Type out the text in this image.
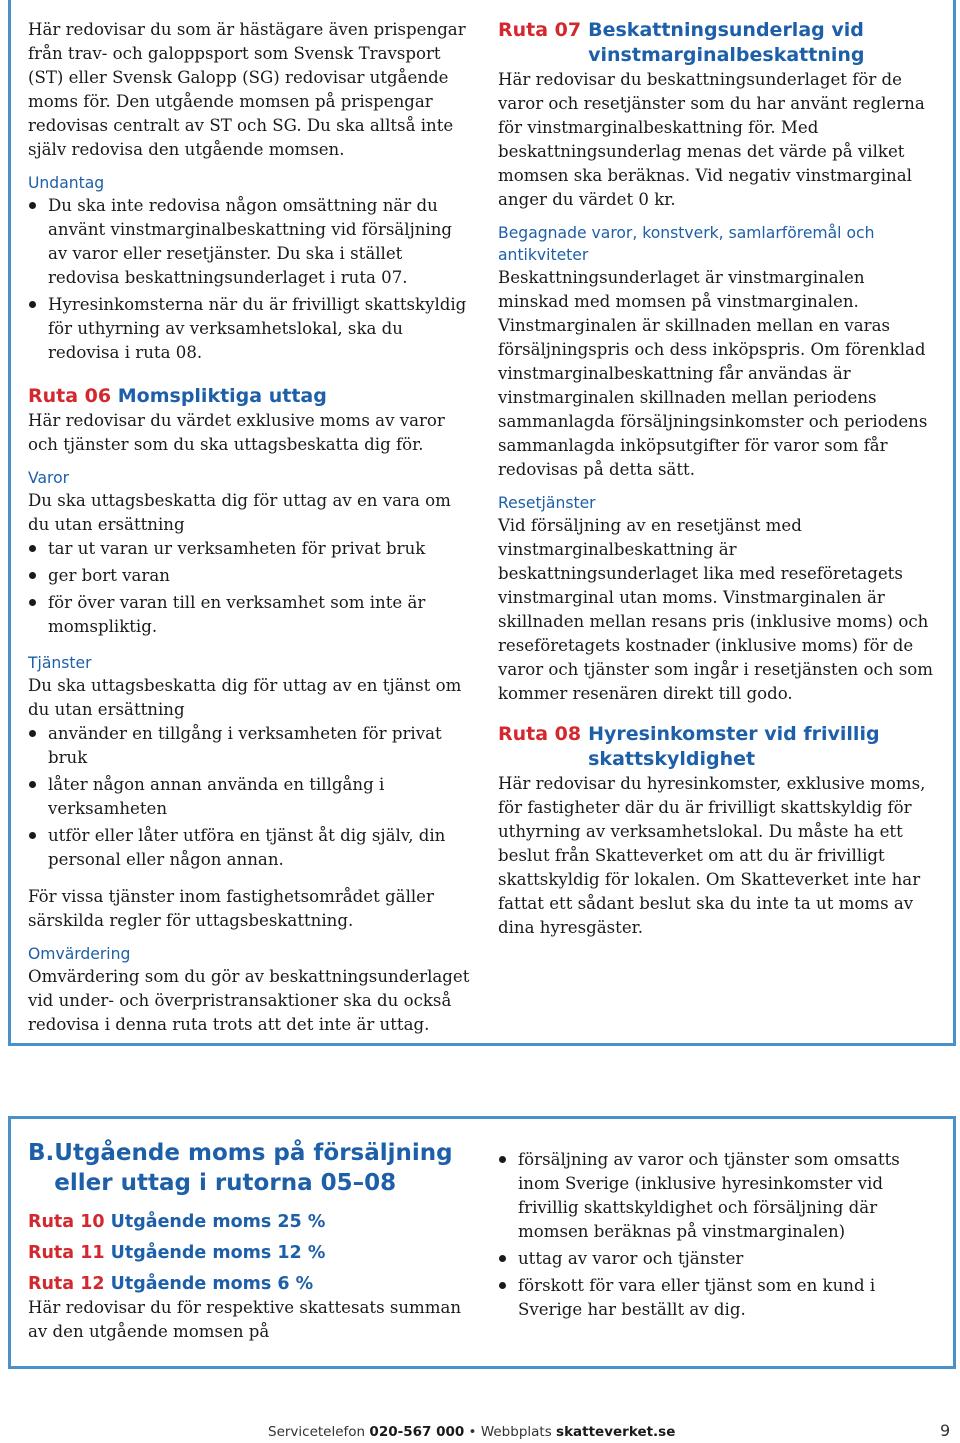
Här redovisar du som är hästägare även prispengar från trav- och galoppsport som Svensk Travsport (ST) eller Svensk Galopp (SG) redovisar utgående moms för. Den utgående momsen på prispengar redovisas centralt av ST och SG. Du ska alltså inte själv redovisa den utgående momsen.

Undantag
Du ska inte redovisa någon omsättning när du använt vinstmarginalbeskattning vid försäljning av varor eller resetjänster. Du ska i stället redovisa beskattningsunderlaget i ruta 07.
Hyresinkomsterna när du är frivilligt skattskyldig för uthyrning av verksamhetslokal, ska du redovisa i ruta 08.
Ruta 06 Momspliktiga uttag

Här redovisar du värdet exklusive moms av varor och tjänster som du ska uttagsbeskatta dig för.

Varor

Du ska uttagsbeskatta dig för uttag av en vara om du utan ersättning

tar ut varan ur verksamheten för privat bruk
ger bort varan
för över varan till en verksamhet som inte är momspliktig.
Tjänster

Du ska uttagsbeskatta dig för uttag av en tjänst om du utan ersättning

använder en tillgång i verksamheten för privat bruk
låter någon annan använda en tillgång i verksamheten
utför eller låter utföra en tjänst åt dig själv, din personal eller någon annan.

För vissa tjänster inom fastighetsområdet gäller särskilda regler för uttagsbeskattning.

Omvärdering

Omvärdering som du gör av beskattningsunderlaget vid under- och överpristransaktioner ska du också redovisa i denna ruta trots att det inte är uttag.

Ruta 07 Beskattningsunderlag vid vinstmarginalbeskattning

Här redovisar du beskattningsunderlaget för de varor och resetjänster som du har använt reglerna för vinstmarginalbeskattning för. Med beskattningsunderlag menas det värde på vilket momsen ska beräknas. Vid negativ vinstmarginal anger du värdet 0 kr.

Begagnade varor, konstverk, samlarföremål och antikviteter

Beskattningsunderlaget är vinstmarginalen minskad med momsen på vinstmarginalen. Vinstmarginalen är skillnaden mellan en varas försäljningspris och dess inköpspris. Om förenklad vinstmarginalbeskattning får användas är vinstmarginalen skillnaden mellan periodens sammanlagda försäljningsinkomster och periodens sammanlagda inköpsutgifter för varor som får redovisas på detta sätt.

Resetjänster

Vid försäljning av en resetjänst med vinstmarginalbeskattning är beskattningsunderlaget lika med reseföretagets vinstmarginal utan moms. Vinstmarginalen är skillnaden mellan resans pris (inklusive moms) och reseföretagets kostnader (inklusive moms) för de varor och tjänster som ingår i resetjänsten och som kommer resenären direkt till godo.

Ruta 08 Hyresinkomster vid frivillig skattskyldighet

Här redovisar du hyresinkomster, exklusive moms, för fastigheter där du är frivilligt skattskyldig för uthyrning av verksamhetslokal. Du måste ha ett beslut från Skatteverket om att du är frivilligt skattskyldig för lokalen. Om Skatteverket inte har fattat ett sådant beslut ska du inte ta ut moms av dina hyresgäster.

B. Utgående moms på försäljning eller uttag i rutorna 05–08
Ruta 10 Utgående moms 25 %
Ruta 11 Utgående moms 12 %
Ruta 12 Utgående moms 6 %

Här redovisar du för respektive skattesats summan av den utgående momsen på

försäljning av varor och tjänster som omsatts inom Sverige (inklusive hyresinkomster vid frivillig skattskyldighet och försäljning där momsen beräknas på vinstmarginalen)
uttag av varor och tjänster
förskott för vara eller tjänst som en kund i Sverige har beställt av dig.
Servicetelefon 020-567 000 • Webbplats skatteverket.se	9
